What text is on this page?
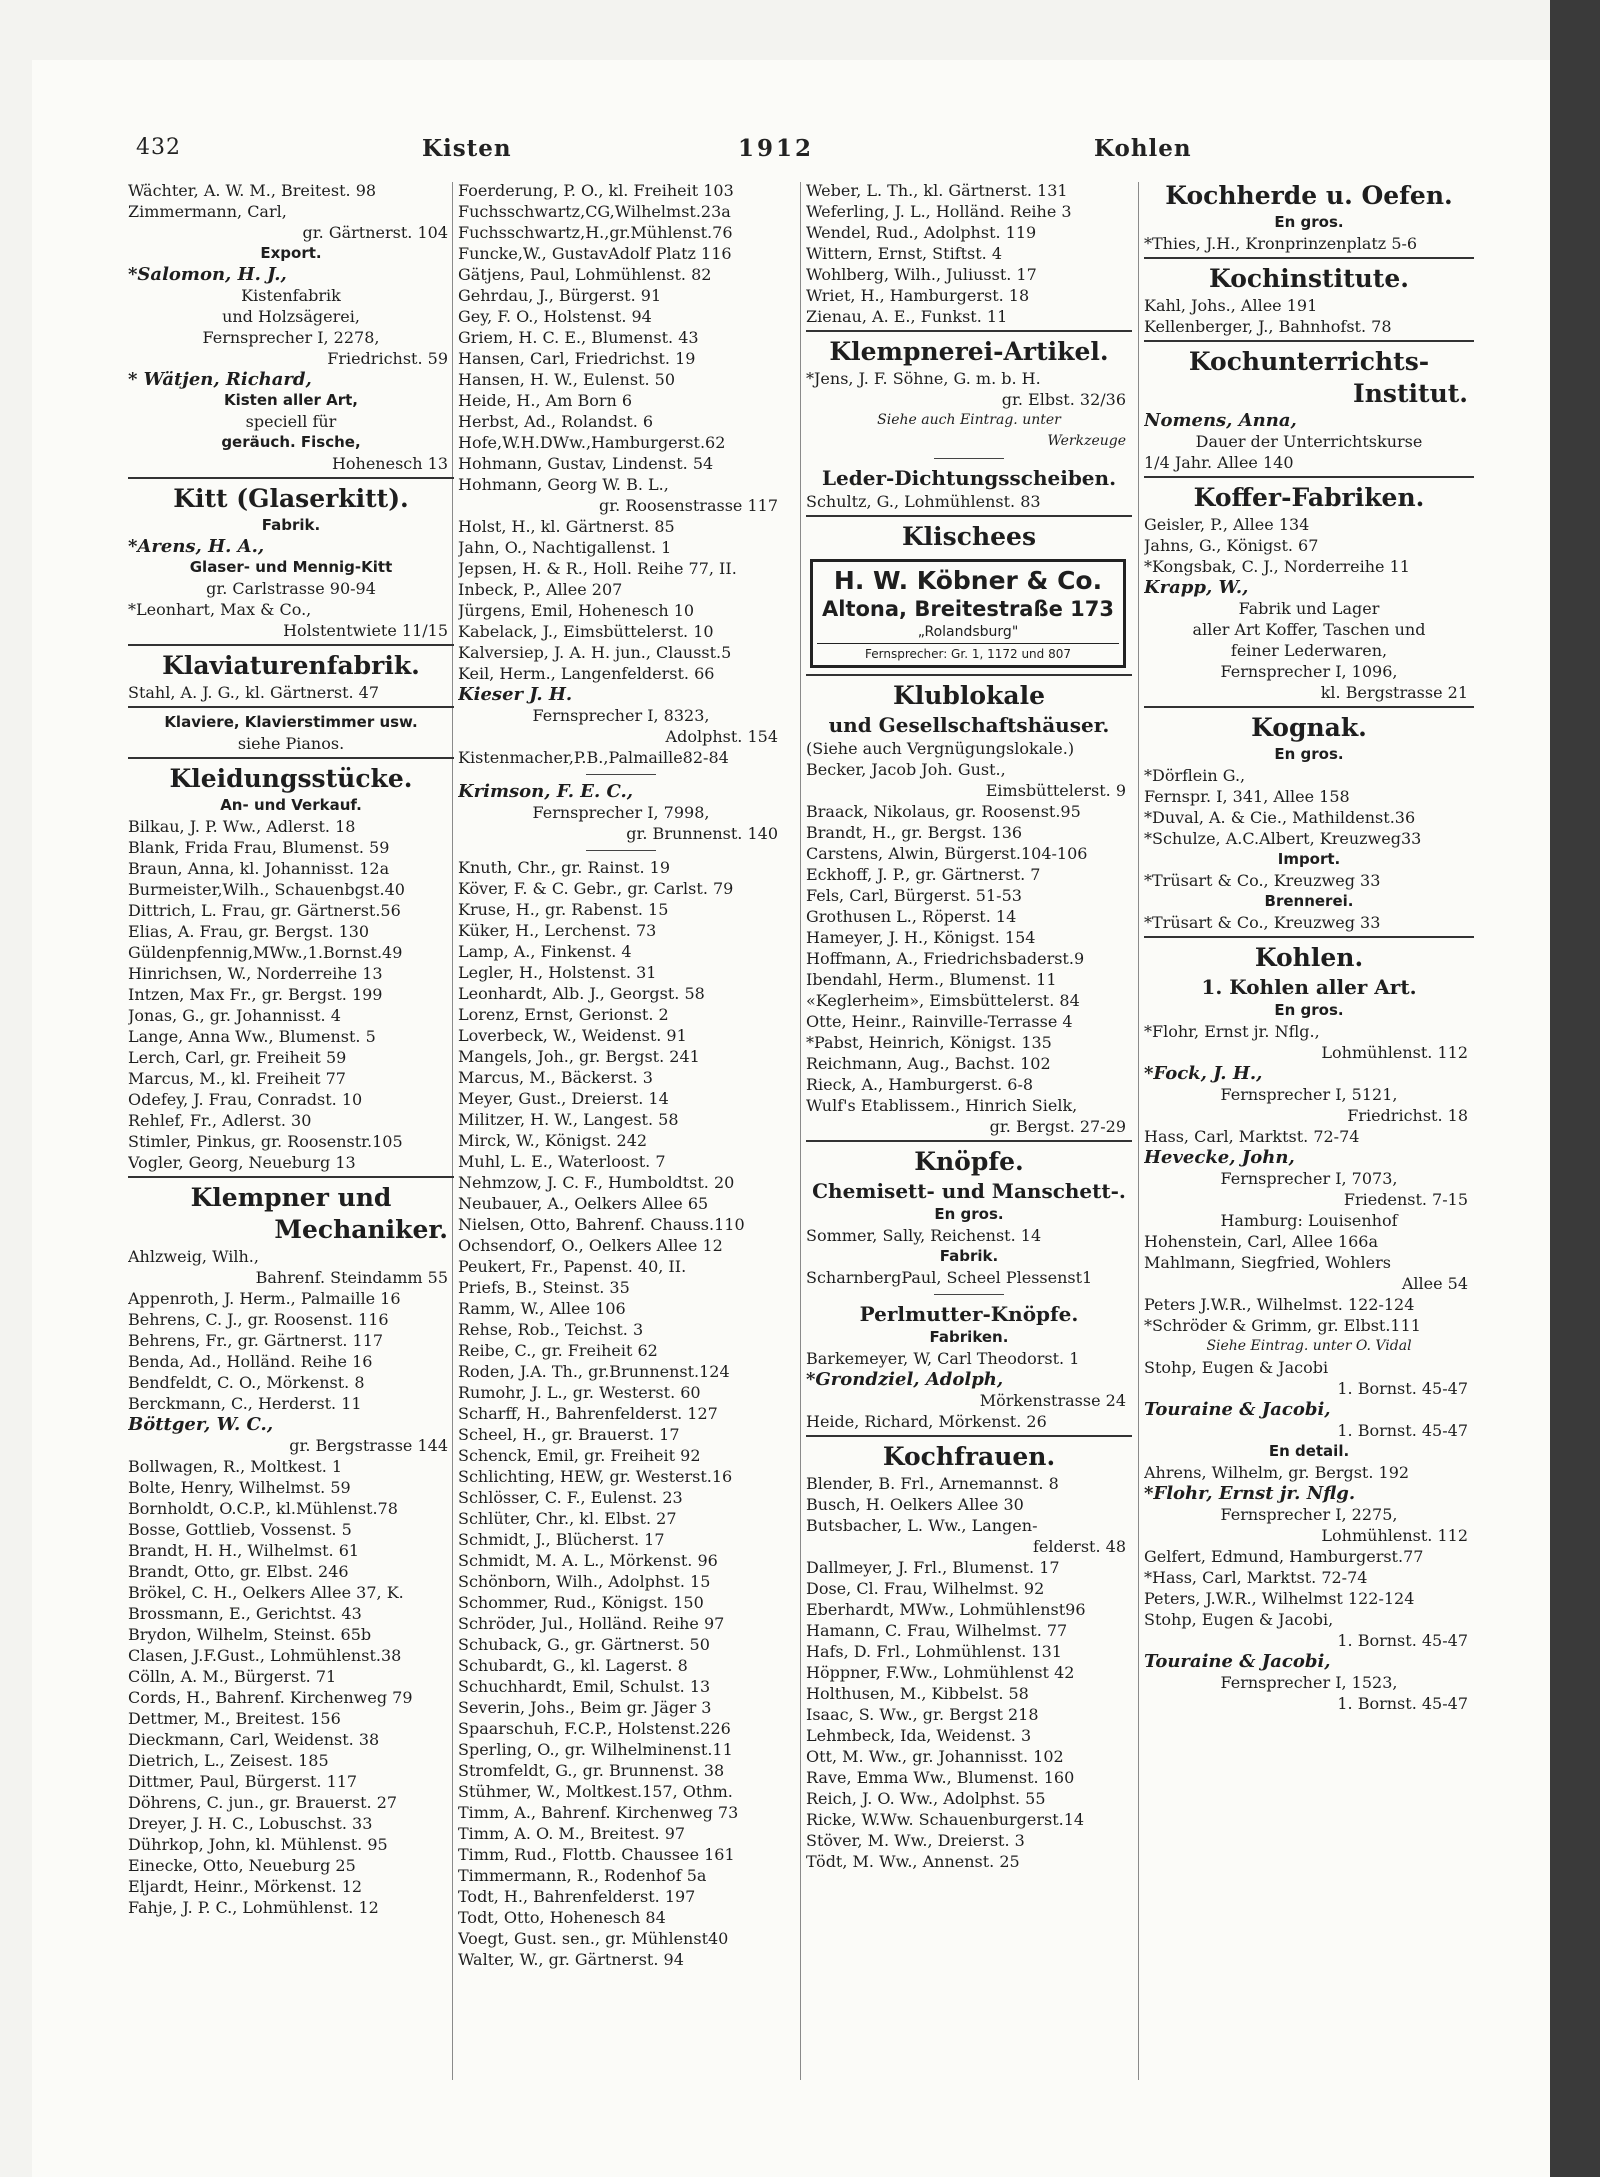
432	Kisten	1912	Kohlen
Wächter, A. W. M., Breitest. 98
Zimmermann, Carl,
gr. Gärtnerst. 104
Export.
*Salomon, H. J.,
Kistenfabrik
und Holzsägerei,
Fernsprecher I, 2278,
Friedrichst. 59
* Wätjen, Richard,
Kisten aller Art,
speciell für
geräuch. Fische,
Hohenesch 13
Kitt (Glaserkitt).
Fabrik.
*Arens, H. A.,
Glaser- und Mennig-Kitt
gr. Carlstrasse 90-94
*Leonhart, Max & Co.,
Holstentwiete 11/15
Klaviaturenfabrik.
Stahl, A. J. G., kl. Gärtnerst. 47
Klaviere, Klavierstimmer usw.
siehe Pianos.
Kleidungsstücke.
An- und Verkauf.
Bilkau, J. P. Ww., Adlerst. 18
Blank, Frida Frau, Blumenst. 59
Braun, Anna, kl. Johannisst. 12a
Burmeister,Wilh., Schauenbgst.40
Dittrich, L. Frau, gr. Gärtnerst.56
Elias, A. Frau, gr. Bergst. 130
Güldenpfennig,MWw.,1.Bornst.49
Hinrichsen, W., Norderreihe 13
Intzen, Max Fr., gr. Bergst. 199
Jonas, G., gr. Johannisst. 4
Lange, Anna Ww., Blumenst. 5
Lerch, Carl, gr. Freiheit 59
Marcus, M., kl. Freiheit 77
Odefey, J. Frau, Conradst. 10
Rehlef, Fr., Adlerst. 30
Stimler, Pinkus, gr. Roosenstr.105
Vogler, Georg, Neueburg 13
Klempner und
Mechaniker.
Ahlzweig, Wilh.,
Bahrenf. Steindamm 55
Appenroth, J. Herm., Palmaille 16
Behrens, C. J., gr. Roosenst. 116
Behrens, Fr., gr. Gärtnerst. 117
Benda, Ad., Holländ. Reihe 16
Bendfeldt, C. O., Mörkenst. 8
Berckmann, C., Herderst. 11
Böttger, W. C.,
gr. Bergstrasse 144
Bollwagen, R., Moltkest. 1
Bolte, Henry, Wilhelmst. 59
Bornholdt, O.C.P., kl.Mühlenst.78
Bosse, Gottlieb, Vossenst. 5
Brandt, H. H., Wilhelmst. 61
Brandt, Otto, gr. Elbst. 246
Brökel, C. H., Oelkers Allee 37, K.
Brossmann, E., Gerichtst. 43
Brydon, Wilhelm, Steinst. 65b
Clasen, J.F.Gust., Lohmühlenst.38
Cölln, A. M., Bürgerst. 71
Cords, H., Bahrenf. Kirchenweg 79
Dettmer, M., Breitest. 156
Dieckmann, Carl, Weidenst. 38
Dietrich, L., Zeisest. 185
Dittmer, Paul, Bürgerst. 117
Döhrens, C. jun., gr. Brauerst. 27
Dreyer, J. H. C., Lobuschst. 33
Dührkop, John, kl. Mühlenst. 95
Einecke, Otto, Neueburg 25
Eljardt, Heinr., Mörkenst. 12
Fahje, J. P. C., Lohmühlenst. 12
Foerderung, P. O., kl. Freiheit 103
Fuchsschwartz,CG,Wilhelmst.23a
Fuchsschwartz,H.,gr.Mühlenst.76
Funcke,W., GustavAdolf Platz 116
Gätjens, Paul, Lohmühlenst. 82
Gehrdau, J., Bürgerst. 91
Gey, F. O., Holstenst. 94
Griem, H. C. E., Blumenst. 43
Hansen, Carl, Friedrichst. 19
Hansen, H. W., Eulenst. 50
Heide, H., Am Born 6
Herbst, Ad., Rolandst. 6
Hofe,W.H.DWw.,Hamburgerst.62
Hohmann, Gustav, Lindenst. 54
Hohmann, Georg W. B. L.,
gr. Roosenstrasse 117
Holst, H., kl. Gärtnerst. 85
Jahn, O., Nachtigallenst. 1
Jepsen, H. & R., Holl. Reihe 77, II.
Inbeck, P., Allee 207
Jürgens, Emil, Hohenesch 10
Kabelack, J., Eimsbüttelerst. 10
Kalversiep, J. A. H. jun., Clausst.5
Keil, Herm., Langenfelderst. 66
Kieser J. H.
Fernsprecher I, 8323,
Adolphst. 154
Kistenmacher,P.B.,Palmaille82-84
Krimson, F. E. C.,
Fernsprecher I, 7998,
gr. Brunnenst. 140
Knuth, Chr., gr. Rainst. 19
Köver, F. & C. Gebr., gr. Carlst. 79
Kruse, H., gr. Rabenst. 15
Küker, H., Lerchenst. 73
Lamp, A., Finkenst. 4
Legler, H., Holstenst. 31
Leonhardt, Alb. J., Georgst. 58
Lorenz, Ernst, Gerionst. 2
Loverbeck, W., Weidenst. 91
Mangels, Joh., gr. Bergst. 241
Marcus, M., Bäckerst. 3
Meyer, Gust., Dreierst. 14
Militzer, H. W., Langest. 58
Mirck, W., Königst. 242
Muhl, L. E., Waterloost. 7
Nehmzow, J. C. F., Humboldtst. 20
Neubauer, A., Oelkers Allee 65
Nielsen, Otto, Bahrenf. Chauss.110
Ochsendorf, O., Oelkers Allee 12
Peukert, Fr., Papenst. 40, II.
Priefs, B., Steinst. 35
Ramm, W., Allee 106
Rehse, Rob., Teichst. 3
Reibe, C., gr. Freiheit 62
Roden, J.A. Th., gr.Brunnenst.124
Rumohr, J. L., gr. Westerst. 60
Scharff, H., Bahrenfelderst. 127
Scheel, H., gr. Brauerst. 17
Schenck, Emil, gr. Freiheit 92
Schlichting, HEW, gr. Westerst.16
Schlösser, C. F., Eulenst. 23
Schlüter, Chr., kl. Elbst. 27
Schmidt, J., Blücherst. 17
Schmidt, M. A. L., Mörkenst. 96
Schönborn, Wilh., Adolphst. 15
Schommer, Rud., Königst. 150
Schröder, Jul., Holländ. Reihe 97
Schuback, G., gr. Gärtnerst. 50
Schubardt, G., kl. Lagerst. 8
Schuchhardt, Emil, Schulst. 13
Severin, Johs., Beim gr. Jäger 3
Spaarschuh, F.C.P., Holstenst.226
Sperling, O., gr. Wilhelminenst.11
Stromfeldt, G., gr. Brunnenst. 38
Stühmer, W., Moltkest.157, Othm.
Timm, A., Bahrenf. Kirchenweg 73
Timm, A. O. M., Breitest. 97
Timm, Rud., Flottb. Chaussee 161
Timmermann, R., Rodenhof 5a
Todt, H., Bahrenfelderst. 197
Todt, Otto, Hohenesch 84
Voegt, Gust. sen., gr. Mühlenst40
Walter, W., gr. Gärtnerst. 94
Weber, L. Th., kl. Gärtnerst. 131
Weferling, J. L., Holländ. Reihe 3
Wendel, Rud., Adolphst. 119
Wittern, Ernst, Stiftst. 4
Wohlberg, Wilh., Juliusst. 17
Wriet, H., Hamburgerst. 18
Zienau, A. E., Funkst. 11
Klempnerei-Artikel.
*Jens, J. F. Söhne, G. m. b. H.
gr. Elbst. 32/36
Siehe auch Eintrag. unter
Werkzeuge
Leder-Dichtungsscheiben.
Schultz, G., Lohmühlenst. 83
Klischees
H. W. Köbner & Co.
Altona, Breitestraße 173
„Rolandsburg"
Fernsprecher: Gr. 1, 1172 und 807
Klublokale
und Gesellschaftshäuser.
(Siehe auch Vergnügungslokale.)
Becker, Jacob Joh. Gust.,
Eimsbüttelerst. 9
Braack, Nikolaus, gr. Roosenst.95
Brandt, H., gr. Bergst. 136
Carstens, Alwin, Bürgerst.104-106
Eckhoff, J. P., gr. Gärtnerst. 7
Fels, Carl, Bürgerst. 51-53
Grothusen L., Röperst. 14
Hameyer, J. H., Königst. 154
Hoffmann, A., Friedrichsbaderst.9
Ibendahl, Herm., Blumenst. 11
«Keglerheim», Eimsbüttelerst. 84
Otte, Heinr., Rainville-Terrasse 4
*Pabst, Heinrich, Königst. 135
Reichmann, Aug., Bachst. 102
Rieck, A., Hamburgerst. 6-8
Wulf's Etablissem., Hinrich Sielk,
gr. Bergst. 27-29
Knöpfe.
Chemisett- und Manschett-.
En gros.
Sommer, Sally, Reichenst. 14
Fabrik.
ScharnbergPaul, Scheel Plessenst1
Perlmutter-Knöpfe.
Fabriken.
Barkemeyer, W, Carl Theodorst. 1
*Grondziel, Adolph,
Mörkenstrasse 24
Heide, Richard, Mörkenst. 26
Kochfrauen.
Blender, B. Frl., Arnemannst. 8
Busch, H. Oelkers Allee 30
Butsbacher, L. Ww., Langen-
felderst. 48
Dallmeyer, J. Frl., Blumenst. 17
Dose, Cl. Frau, Wilhelmst. 92
Eberhardt, MWw., Lohmühlenst96
Hamann, C. Frau, Wilhelmst. 77
Hafs, D. Frl., Lohmühlenst. 131
Höppner, F.Ww., Lohmühlenst 42
Holthusen, M., Kibbelst. 58
Isaac, S. Ww., gr. Bergst 218
Lehmbeck, Ida, Weidenst. 3
Ott, M. Ww., gr. Johannisst. 102
Rave, Emma Ww., Blumenst. 160
Reich, J. O. Ww., Adolphst. 55
Ricke, W.Ww. Schauenburgerst.14
Stöver, M. Ww., Dreierst. 3
Tödt, M. Ww., Annenst. 25
Kochherde u. Oefen.
En gros.
*Thies, J.H., Kronprinzenplatz 5-6
Kochinstitute.
Kahl, Johs., Allee 191
Kellenberger, J., Bahnhofst. 78
Kochunterrichts-
Institut.
Nomens, Anna,
Dauer der Unterrichtskurse
1/4 Jahr. Allee 140
Koffer-Fabriken.
Geisler, P., Allee 134
Jahns, G., Königst. 67
*Kongsbak, C. J., Norderreihe 11
Krapp, W.,
Fabrik und Lager
aller Art Koffer, Taschen und
feiner Lederwaren,
Fernsprecher I, 1096,
kl. Bergstrasse 21
Kognak.
En gros.
*Dörflein G.,
Fernspr. I, 341, Allee 158
*Duval, A. & Cie., Mathildenst.36
*Schulze, A.C.Albert, Kreuzweg33
Import.
*Trüsart & Co., Kreuzweg 33
Brennerei.
*Trüsart & Co., Kreuzweg 33
Kohlen.
1. Kohlen aller Art.
En gros.
*Flohr, Ernst jr. Nflg.,
Lohmühlenst. 112
*Fock, J. H.,
Fernsprecher I, 5121,
Friedrichst. 18
Hass, Carl, Marktst. 72-74
Hevecke, John,
Fernsprecher I, 7073,
Friedenst. 7-15
Hamburg: Louisenhof
Hohenstein, Carl, Allee 166a
Mahlmann, Siegfried, Wohlers
Allee 54
Peters J.W.R., Wilhelmst. 122-124
*Schröder & Grimm, gr. Elbst.111
Siehe Eintrag. unter O. Vidal
Stohp, Eugen & Jacobi
1. Bornst. 45-47
Touraine & Jacobi,
1. Bornst. 45-47
En detail.
Ahrens, Wilhelm, gr. Bergst. 192
*Flohr, Ernst jr. Nflg.
Fernsprecher I, 2275,
Lohmühlenst. 112
Gelfert, Edmund, Hamburgerst.77
*Hass, Carl, Marktst. 72-74
Peters, J.W.R., Wilhelmst 122-124
Stohp, Eugen & Jacobi,
1. Bornst. 45-47
Touraine & Jacobi,
Fernsprecher I, 1523,
1. Bornst. 45-47
